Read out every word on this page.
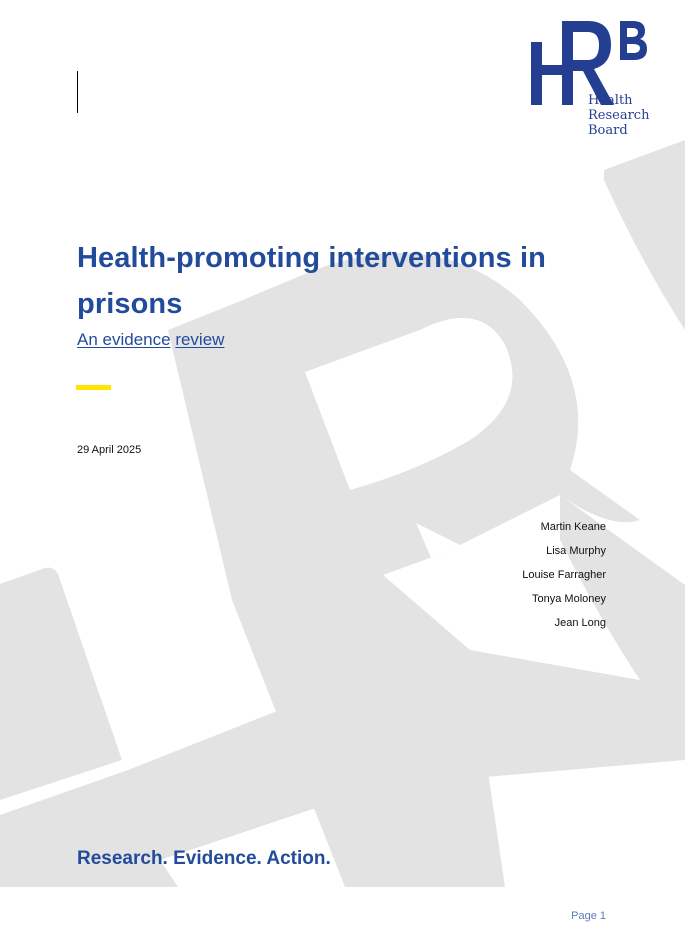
Health
Research
Board
Health-promoting interventions in prisons
An evidence review
29 April 2025
Martin Keane
Lisa Murphy
Louise Farragher
Tonya Moloney
Jean Long
Research. Evidence. Action.
Page 1
